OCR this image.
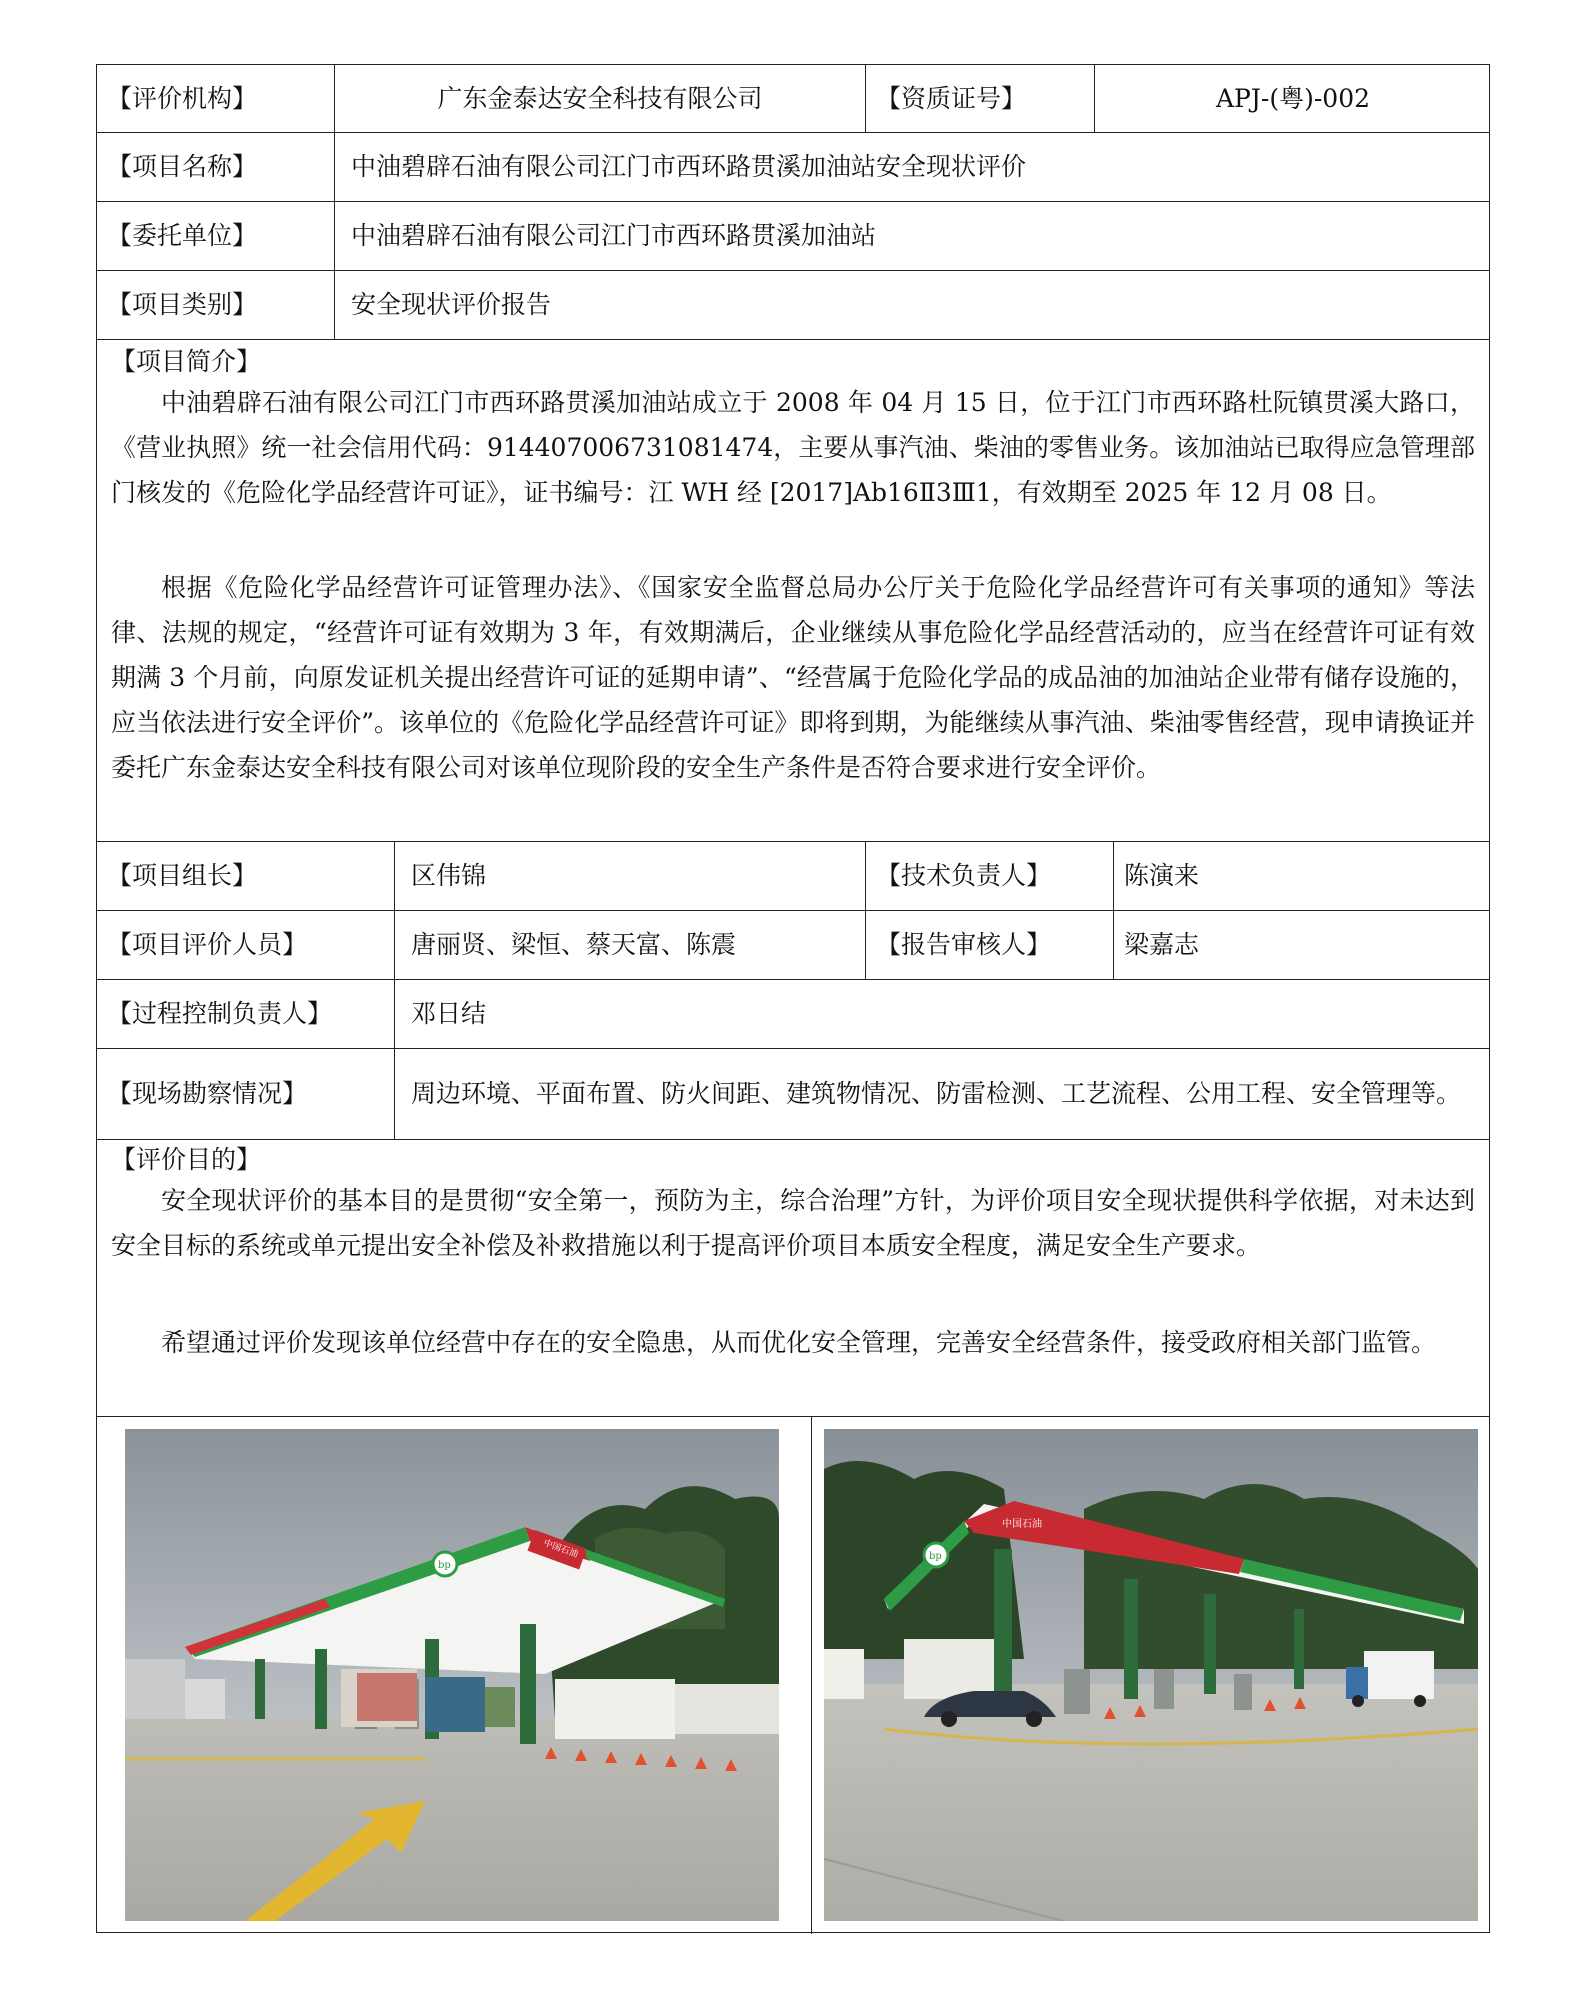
【评价机构】	广东金泰达安全科技有限公司	【资质证号】	APJ-(粤)-002
【项目名称】	中油碧辟石油有限公司江门市西环路贯溪加油站安全现状评价
【委托单位】	中油碧辟石油有限公司江门市西环路贯溪加油站
【项目类别】	安全现状评价报告
【项目简介】

中油碧辟石油有限公司江门市西环路贯溪加油站成立于 2008 年 04 月 15 日，位于江门市西环路杜阮镇贯溪大路口，《营业执照》统一社会信用代码：91440700673108147​4，主要从事汽油、柴油的零售业务。该加油站已取得应急管理部门核发的《危险化学品经营许可证》，证书编号：江 WH 经 [2017]Ab16Ⅱ3Ⅲ1，有效期至 2025 年 12 月 08 日。

根据《危险化学品经营许可证管理办法》、《国家安全监督总局办公厅关于危险化学品经营许可有关事项的通知》等法律、法规的规定，“经营许可证有效期为 3 年，有效期满后，企业继续从事危险化学品经营活动的，应当在经营许可证有效期满 3 个月前，向原发证机关提出经营许可证的延期申请”、“经营属于危险化学品的成品油的加油站企业带有储存设施的，应当依法进行安全评价”。该单位的《危险化学品经营许可证》即将到期，为能继续从事汽油、柴油零售经营，现申请换证并委托广东金泰达安全科技有限公司对该单位现阶段的安全生产条件是否符合要求进行安全评价。

【项目组长】	区伟锦	【技术负责人】	陈演来
【项目评价人员】	唐丽贤、梁恒、蔡天富、陈震	【报告审核人】	梁嘉志
【过程控制负责人】	邓日结
【现场勘察情况】	周边环境、平面布置、防火间距、建筑物情况、防雷检测、工艺流程、公用工程、安全管理等。
【评价目的】

安全现状评价的基本目的是贯彻“安全第一，预防为主，综合治理”方针，为评价项目安全现状提供科学依据，对未达到安全目标的系统或单元提出安全补偿及补救措施以利于提高评价项目本质安全程度，满足安全生产要求。

希望通过评价发现该单位经营中存在的安全隐患，从而优化安全管理，完善安全经营条件，接受政府相关部门监管。

中国石油
bp
中国石油
bp
